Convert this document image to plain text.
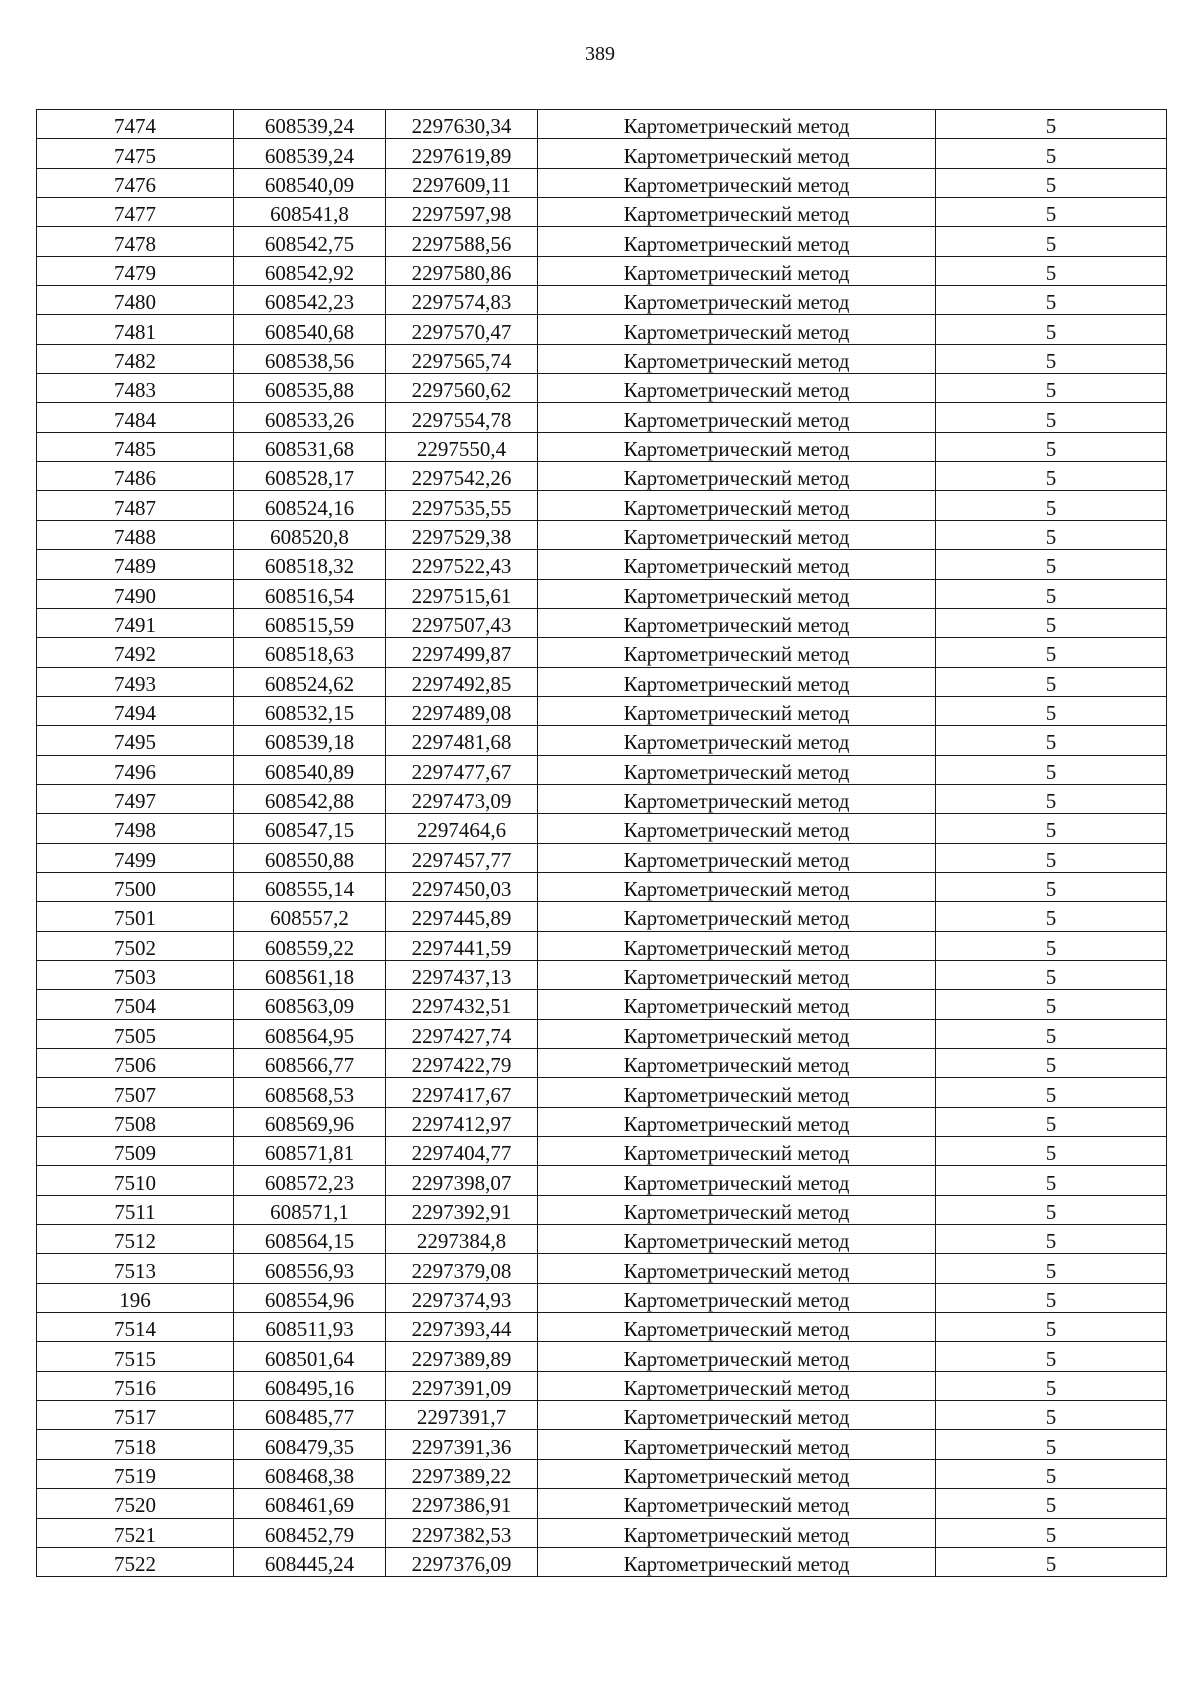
389
7474	608539,24	2297630,34	Картометрический метод	5
7475	608539,24	2297619,89	Картометрический метод	5
7476	608540,09	2297609,11	Картометрический метод	5
7477	608541,8	2297597,98	Картометрический метод	5
7478	608542,75	2297588,56	Картометрический метод	5
7479	608542,92	2297580,86	Картометрический метод	5
7480	608542,23	2297574,83	Картометрический метод	5
7481	608540,68	2297570,47	Картометрический метод	5
7482	608538,56	2297565,74	Картометрический метод	5
7483	608535,88	2297560,62	Картометрический метод	5
7484	608533,26	2297554,78	Картометрический метод	5
7485	608531,68	2297550,4	Картометрический метод	5
7486	608528,17	2297542,26	Картометрический метод	5
7487	608524,16	2297535,55	Картометрический метод	5
7488	608520,8	2297529,38	Картометрический метод	5
7489	608518,32	2297522,43	Картометрический метод	5
7490	608516,54	2297515,61	Картометрический метод	5
7491	608515,59	2297507,43	Картометрический метод	5
7492	608518,63	2297499,87	Картометрический метод	5
7493	608524,62	2297492,85	Картометрический метод	5
7494	608532,15	2297489,08	Картометрический метод	5
7495	608539,18	2297481,68	Картометрический метод	5
7496	608540,89	2297477,67	Картометрический метод	5
7497	608542,88	2297473,09	Картометрический метод	5
7498	608547,15	2297464,6	Картометрический метод	5
7499	608550,88	2297457,77	Картометрический метод	5
7500	608555,14	2297450,03	Картометрический метод	5
7501	608557,2	2297445,89	Картометрический метод	5
7502	608559,22	2297441,59	Картометрический метод	5
7503	608561,18	2297437,13	Картометрический метод	5
7504	608563,09	2297432,51	Картометрический метод	5
7505	608564,95	2297427,74	Картометрический метод	5
7506	608566,77	2297422,79	Картометрический метод	5
7507	608568,53	2297417,67	Картометрический метод	5
7508	608569,96	2297412,97	Картометрический метод	5
7509	608571,81	2297404,77	Картометрический метод	5
7510	608572,23	2297398,07	Картометрический метод	5
7511	608571,1	2297392,91	Картометрический метод	5
7512	608564,15	2297384,8	Картометрический метод	5
7513	608556,93	2297379,08	Картометрический метод	5
196	608554,96	2297374,93	Картометрический метод	5
7514	608511,93	2297393,44	Картометрический метод	5
7515	608501,64	2297389,89	Картометрический метод	5
7516	608495,16	2297391,09	Картометрический метод	5
7517	608485,77	2297391,7	Картометрический метод	5
7518	608479,35	2297391,36	Картометрический метод	5
7519	608468,38	2297389,22	Картометрический метод	5
7520	608461,69	2297386,91	Картометрический метод	5
7521	608452,79	2297382,53	Картометрический метод	5
7522	608445,24	2297376,09	Картометрический метод	5
